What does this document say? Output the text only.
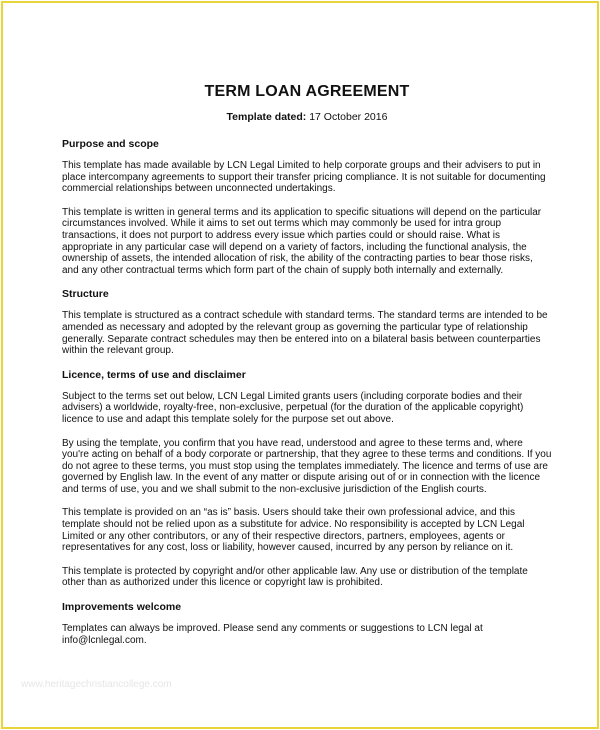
TERM LOAN AGREEMENT
Template dated: 17 October 2016
Purpose and scope

This template has made available by LCN Legal Limited to help corporate groups and their advisers to put in place intercompany agreements to support their transfer pricing compliance. It is not suitable for documenting commercial relationships between unconnected undertakings.

This template is written in general terms and its application to specific situations will depend on the particular circumstances involved. While it aims to set out terms which may commonly be used for intra group transactions, it does not purport to address every issue which parties could or should raise. What is appropriate in any particular case will depend on a variety of factors, including the functional analysis, the ownership of assets, the intended allocation of risk, the ability of the contracting parties to bear those risks, and any other contractual terms which form part of the chain of supply both internally and externally.

Structure

This template is structured as a contract schedule with standard terms. The standard terms are intended to be amended as necessary and adopted by the relevant group as governing the particular type of relationship generally. Separate contract schedules may then be entered into on a bilateral basis between counterparties within the relevant group.

Licence, terms of use and disclaimer

Subject to the terms set out below, LCN Legal Limited grants users (including corporate bodies and their advisers) a worldwide, royalty-free, non-exclusive, perpetual (for the duration of the applicable copyright) licence to use and adapt this template solely for the purpose set out above.

By using the template, you confirm that you have read, understood and agree to these terms and, where you're acting on behalf of a body corporate or partnership, that they agree to these terms and conditions. If you do not agree to these terms, you must stop using the templates immediately. The licence and terms of use are governed by English law. In the event of any matter or dispute arising out of or in connection with the licence and terms of use, you and we shall submit to the non-exclusive jurisdiction of the English courts.

This template is provided on an “as is” basis. Users should take their own professional advice, and this template should not be relied upon as a substitute for advice. No responsibility is accepted by LCN Legal Limited or any other contributors, or any of their respective directors, partners, employees, agents or representatives for any cost, loss or liability, however caused, incurred by any person by reliance on it.

This template is protected by copyright and/or other applicable law. Any use or distribution of the template other than as authorized under this licence or copyright law is prohibited.

Improvements welcome

Templates can always be improved. Please send any comments or suggestions to LCN legal at info@lcnlegal.com.

www.heritagechristiancollege.com
